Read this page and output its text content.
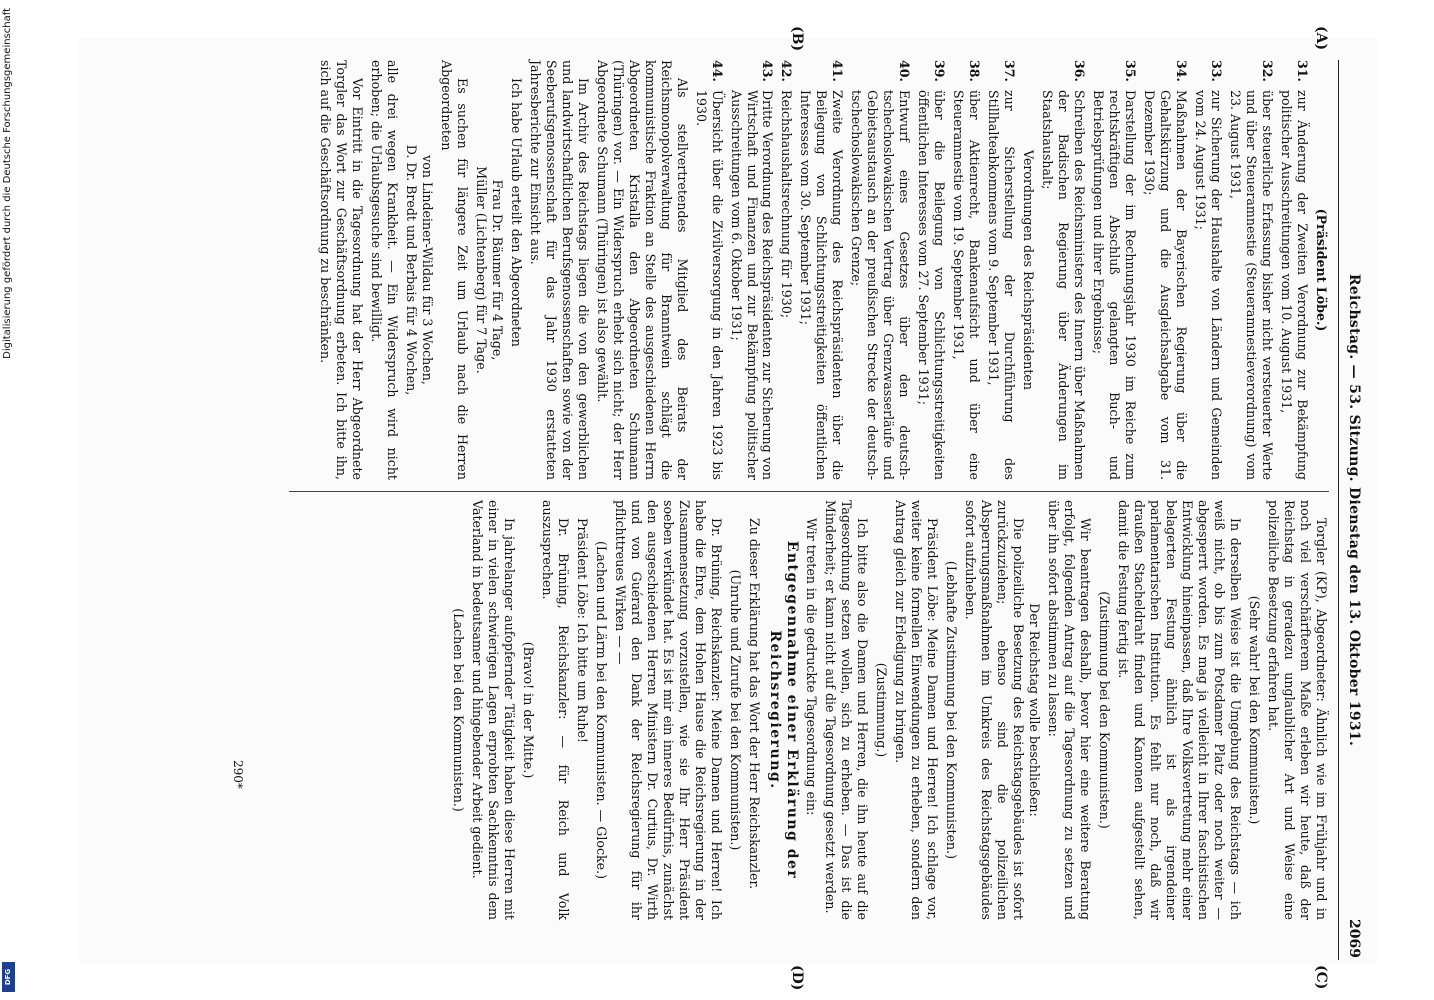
Reichstag. — 53. Sitzung. Dienstag den 13. Oktober 1931.
2069
(A)
(B)
(C)
(D)

(Präsident Löbe.)

31.
zur Änderung der Zweiten Verordnung zur Bekämpfung politischer Ausschreitungen vom 10. August 1931,
32.
über steuerliche Erfassung bisher nicht versteuerter Werte und über Steueramnestie (Steueramnestieverordnung) vom 23. August 1931,
33.
zur Sicherung der Haushalte von Ländern und Gemeinden vom 24. August 1931;
34.
Maßnahmen der Bayerischen Regierung über die Gehaltskürzung und die Ausgleichsabgabe vom 31. Dezember 1930;
35.
Darstellung der im Rechnungsjahr 1930 im Reiche zum rechtskräftigen Abschluß gelangten Buch- und Betriebsprüfungen und ihrer Ergebnisse;
36.
Schreiben des Reichsministers des Innern über Maßnahmen der Badischen Regierung über Änderungen im Staatshaushalt;

Verordnungen des Reichspräsidenten

37.
zur Sicherstellung der Durchführung des Stillhalteabkommens vom 9. September 1931,
38.
über Aktienrecht, Bankenaufsicht und über eine Steueramnestie vom 19. September 1931,
39.
über die Beilegung von Schlichtungsstreitigkeiten öffentlichen Interesses vom 27. September 1931;
40.
Entwurf eines Gesetzes über den deutsch-tschechoslowakischen Vertrag über Grenzwasserläufe und Gebietsaustausch an der preußischen Strecke der deutsch-tschechoslowakischen Grenze;
41.
Zweite Verordnung des Reichspräsidenten über die Beilegung von Schlichtungsstreitigkeiten öffentlichen Interesses vom 30. September 1931;
42.
Reichshaushaltsrechnung für 1930;
43.
Dritte Verordnung des Reichspräsidenten zur Sicherung von Wirtschaft und Finanzen und zur Bekämpfung politischer Ausschreitungen vom 6. Oktober 1931;
44.
Übersicht über die Zivilversorgung in den Jahren 1923 bis 1930.

Als stellvertretendes Mitglied des Beirats der Reichsmonopolverwaltung für Branntwein schlägt die kommunistische Fraktion an Stelle des ausgeschiedenen Herrn Abgeordneten Kristalla den Abgeordneten Schumann (Thüringen) vor. — Ein Widerspruch erhebt sich nicht; der Herr Abgeordnete Schumann (Thüringen) ist also gewählt.

Im Archiv des Reichstags liegen die von den gewerblichen und landwirtschaftlichen Berufsgenossenschaften sowie von der Seeberufsgenossenschaft für das Jahr 1930 erstatteten Jahresberichte zur Einsicht aus.

Ich habe Urlaub erteilt den Abgeordneten

Frau Dr. Bäumer für 4 Tage,

Müller (Lichtenberg) für 7 Tage.

Es suchen für längere Zeit um Urlaub nach die Herren Abgeordneten

von Lindeiner-Wildau für 3 Wochen,

D. Dr. Bredt und Berbais für 4 Wochen,

alle drei wegen Krankheit. — Ein Widerspruch wird nicht erhoben; die Urlaubsgesuche sind bewilligt.

Vor Eintritt in die Tagesordnung hat der Herr Abgeordnete Torgler das Wort zur Geschäftsordnung erbeten. Ich bitte ihn, sich auf die Geschäftsordnung zu beschränken.

Torgler (KP), Abgeordneter: Ähnlich wie im Frühjahr und in noch viel verschärfterem Maße erleben wir heute, daß der Reichstag in geradezu unglaublicher Art und Weise eine polizeiliche Besetzung erfahren hat.

(Sehr wahr! bei den Kommunisten.)

In derselben Weise ist die Umgebung des Reichstags — ich weiß nicht, ob bis zum Potsdamer Platz oder noch weiter — abgesperrt worden. Es mag ja vielleicht in Ihrer faschistischen Entwicklung hineinpassen, daß Ihre Volksvertretung mehr einer belagerten Festung ähnlich ist als irgendeiner parlamentarischen Institution. Es fehlt nur noch, daß wir draußen Stacheldraht finden und Kanonen aufgestellt sehen, damit die Festung fertig ist.

(Zustimmung bei den Kommunisten.)

Wir beantragen deshalb, bevor hier eine weitere Beratung erfolgt, folgenden Antrag auf die Tagesordnung zu setzen und über ihn sofort abstimmen zu lassen:

Der Reichstag wolle beschließen:

Die polizeiliche Besetzung des Reichstagsgebäudes ist sofort zurückzuziehen; ebenso sind die polizeilichen Absperrungsmaßnahmen im Umkreis des Reichstagsgebäudes sofort aufzuheben.

(Lebhafte Zustimmung bei den Kommunisten.)

Präsident Löbe: Meine Damen und Herren! Ich schlage vor, weiter keine formellen Einwendungen zu erheben, sondern den Antrag gleich zur Erledigung zu bringen.

(Zustimmung.)

Ich bitte also die Damen und Herren, die ihn heute auf die Tagesordnung setzen wollen, sich zu erheben. — Das ist die Minderheit; er kann nicht auf die Tagesordnung gesetzt werden.

Wir treten in die gedruckte Tagesordnung ein:

Entgegennahme einer Erklärung der Reichsregierung.

Zu dieser Erklärung hat das Wort der Herr Reichskanzler.

(Unruhe und Zurufe bei den Kommunisten.)

Dr. Brüning, Reichskanzler: Meine Damen und Herren! Ich habe die Ehre, dem Hohen Hause die Reichsregierung in der Zusammensetzung vorzustellen, wie sie Ihr Herr Präsident soeben verkündet hat. Es ist mir ein inneres Bedürfnis, zunächst den ausgeschiedenen Herren Ministern Dr. Curtius, Dr. Wirth und von Guérard den Dank der Reichsregierung für ihr pflichttreues Wirken — —

(Lachen und Lärm bei den Kommunisten. — Glocke.)

Präsident Löbe: Ich bitte um Ruhe!

Dr. Brüning, Reichskanzler: — für Reich und Volk auszusprechen.

(Bravo! in der Mitte.)

In jahrelanger aufopfernder Tätigkeit haben diese Herren mit einer in vielen schwierigen Lagen erprobten Sachkenntnis dem Vaterland in bedeutsamer und hingebender Arbeit gedient.

(Lachen bei den Kommunisten.)

290*
Digitalisierung gefördert durch die Deutsche Forschungsgemeinschaft
DFG
